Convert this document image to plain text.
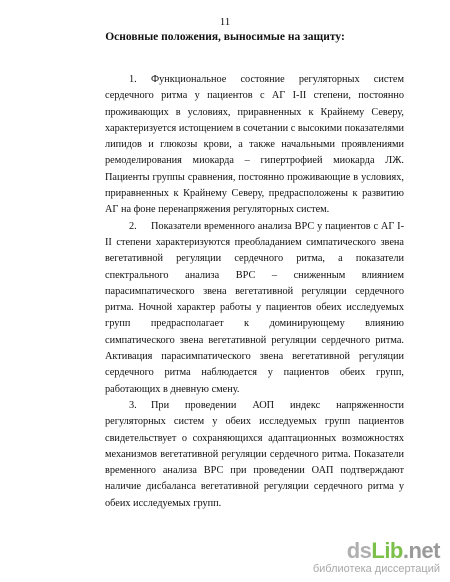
11
Основные положения, выносимые на защиту:

1. Функциональное состояние регуляторных систем сердечного ритма у пациентов с АГ I-II степени, постоянно проживающих в условиях, приравненных к Крайнему Северу, характеризуется истощением в сочетании с высокими показателями липидов и глюкозы крови, а также начальными проявлениями ремоделирования миокарда – гипертрофией миокарда ЛЖ. Пациенты группы сравнения, постоянно проживающие в условиях, приравненных к Крайнему Северу, предрасположены к развитию АГ на фоне перенапряжения регуляторных систем.

2. Показатели временного анализа ВРС у пациентов с АГ I-II степени характеризуются преобладанием симпатического звена вегетативной регуляции сердечного ритма, а показатели спектрального анализа ВРС – сниженным влиянием парасимпатического звена вегетативной регуляции сердечного ритма. Ночной характер работы у пациентов обеих исследуемых групп предрасполагает к доминирующему влиянию симпатического звена вегетативной регуляции сердечного ритма. Активация парасимпатического звена вегетативной регуляции сердечного ритма наблюдается у пациентов обеих групп, работающих в дневную смену.

3. При проведении АОП индекс напряженности регуляторных систем у обеих исследуемых групп пациентов свидетельствует о сохраняющихся адаптационных возможностях механизмов вегетативной регуляции сердечного ритма. Показатели временного анализа ВРС при проведении ОАП подтверждают наличие дисбаланса вегетативной регуляции сердечного ритма у обеих исследуемых групп.

dsLib.net
библиотека диссертаций
